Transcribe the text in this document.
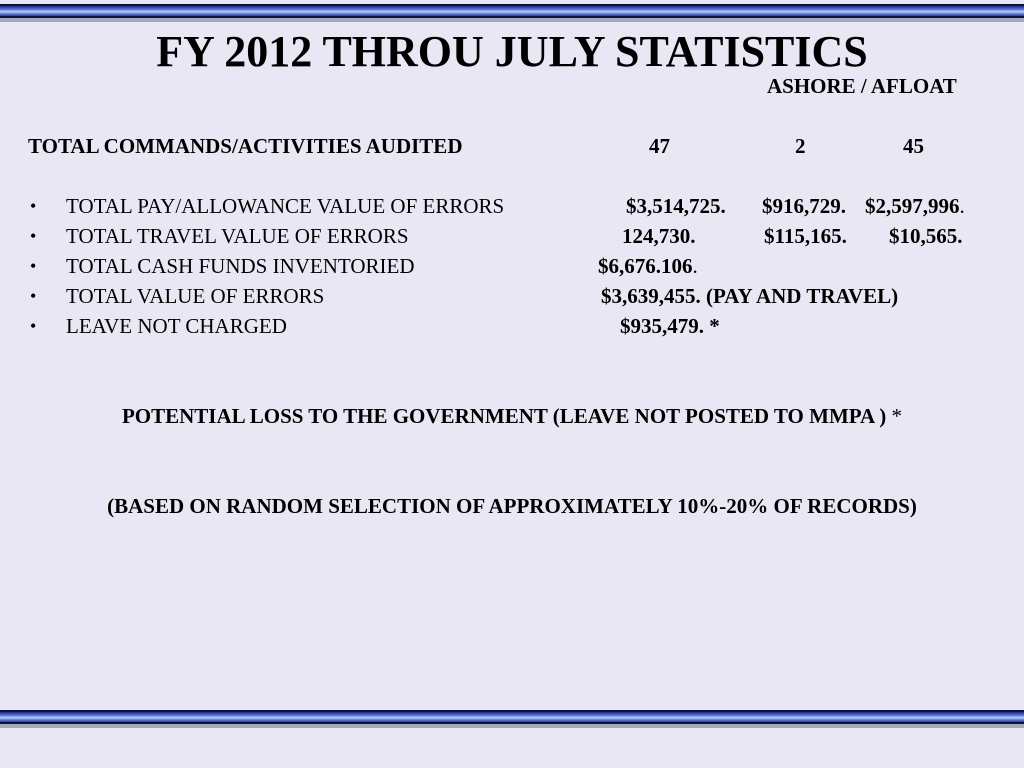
FY 2012 THROU JULY STATISTICS
ASHORE / AFLOAT
TOTAL COMMANDS/ACTIVITIES AUDITED	47	2	45
• TOTAL PAY/ALLOWANCE VALUE OF ERRORS	$3,514,725. $916,729. $2,597,996.
• TOTAL TRAVEL VALUE OF ERRORS	124,730.	$115,165. $10,565.
• TOTAL CASH FUNDS INVENTORIED	$6,676.106.
• TOTAL VALUE OF ERRORS	$3,639,455. (PAY AND TRAVEL)
• LEAVE NOT CHARGED	$935,479. *
POTENTIAL LOSS TO THE GOVERNMENT (LEAVE NOT POSTED TO MMPA ) *
(BASED ON RANDOM SELECTION OF APPROXIMATELY 10%-20% OF RECORDS)
